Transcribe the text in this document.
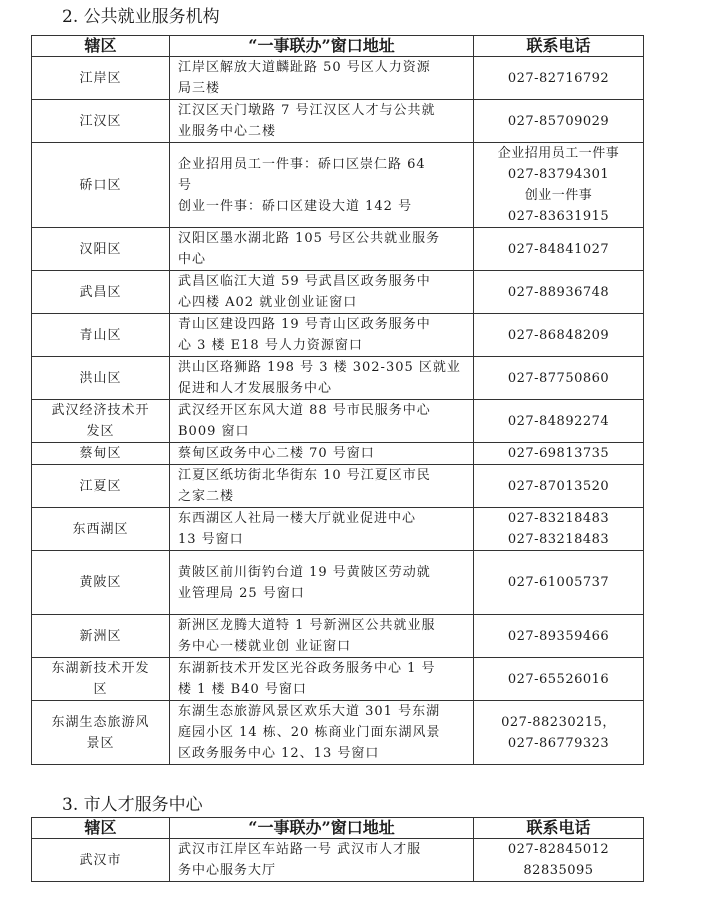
2. 公共就业服务机构
辖区	“一事联办”窗口地址	联系电话

江岸区	江岸区解放大道麟趾路 50 号区人力资源
局三楼	027-82716792

江汉区	江汉区天门墩路 7 号江汉区人才与公共就
业服务中心二楼	027-85709029

硚口区	企业招用员工一件事：硚口区崇仁路 64
号
创业一件事：硚口区建设大道 142 号	企业招用员工一件事
027-83794301
创业一件事
027-83631915

汉阳区	汉阳区墨水湖北路 105 号区公共就业服务
中心	027-84841027

武昌区	武昌区临江大道 59 号武昌区政务服务中
心四楼 A02 就业创业证窗口	027-88936748

青山区	青山区建设四路 19 号青山区政务服务中
心 3 楼 E18 号人力资源窗口	027-86848209

洪山区	洪山区珞狮路 198 号 3 楼 302-305 区就业
促进和人才发展服务中心	027-87750860

武汉经济技术开
发区	武汉经开区东风大道 88 号市民服务中心
B009 窗口	027-84892274

蔡甸区	蔡甸区政务中心二楼 70 号窗口	027-69813735

江夏区	江夏区纸坊街北华街东 10 号江夏区市民
之家二楼	027-87013520

东西湖区	东西湖区人社局一楼大厅就业促进中心
13 号窗口	027-83218483
027-83218483

黄陂区	黄陂区前川街钓台道 19 号黄陂区劳动就
业管理局 25 号窗口	027-61005737

新洲区	新洲区龙腾大道特 1 号新洲区公共就业服
务中心一楼就业创 业证窗口	027-89359466

东湖新技术开发
区	东湖新技术开发区光谷政务服务中心 1 号
楼 1 楼 B40 号窗口	027-65526016

东湖生态旅游风
景区	东湖生态旅游风景区欢乐大道 301 号东湖
庭园小区 14 栋、20 栋商业门面东湖风景
区政务服务中心 12、13 号窗口	027-88230215，
027-86779323
3. 市人才服务中心
辖区	“一事联办”窗口地址	联系电话

武汉市	武汉市江岸区车站路一号 武汉市人才服
务中心服务大厅	027-82845012
82835095
